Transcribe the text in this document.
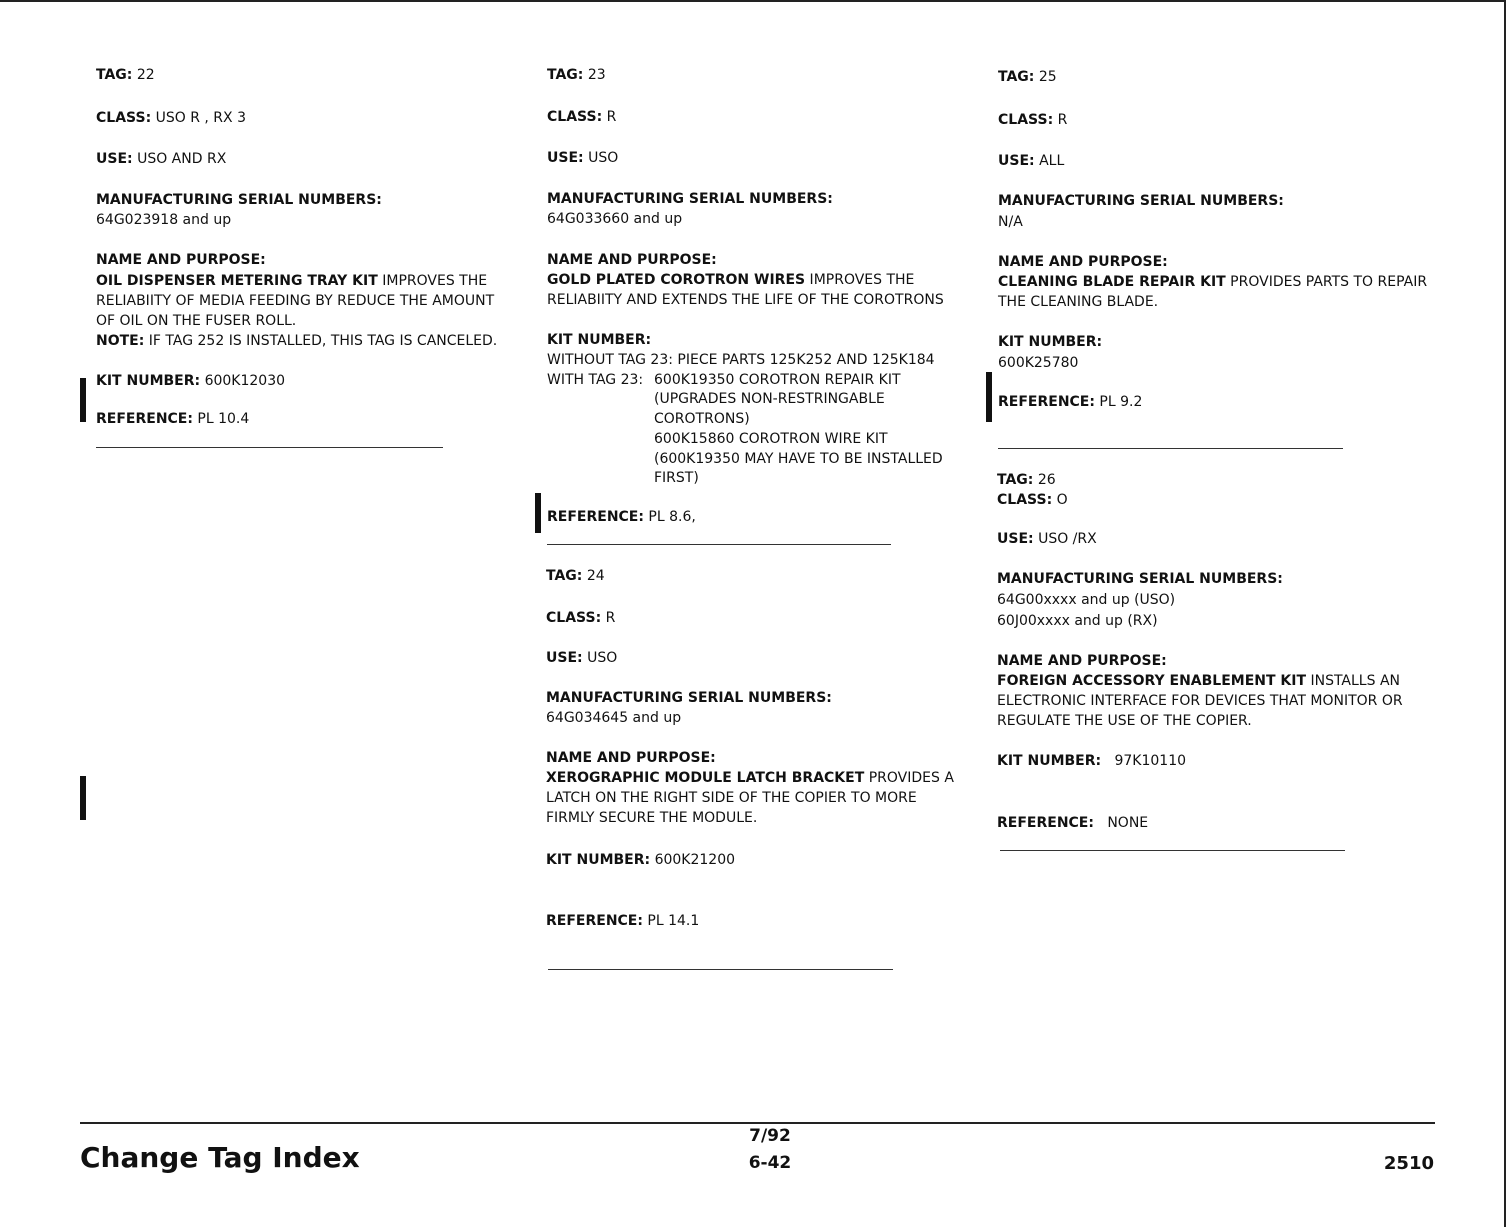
TAG: 22
CLASS: USO R , RX 3
USE: USO AND RX
MANUFACTURING SERIAL NUMBERS:
64G023918 and up
NAME AND PURPOSE:
OIL DISPENSER METERING TRAY KIT IMPROVES THE
RELIABIITY OF MEDIA FEEDING BY REDUCE THE AMOUNT
OF OIL ON THE FUSER ROLL.
NOTE: IF TAG 252 IS INSTALLED, THIS TAG IS CANCELED.
KIT NUMBER: 600K12030
REFERENCE: PL 10.4
TAG: 23
CLASS: R
USE: USO
MANUFACTURING SERIAL NUMBERS:
64G033660 and up
NAME AND PURPOSE:
GOLD PLATED COROTRON WIRES IMPROVES THE
RELIABIITY AND EXTENDS THE LIFE OF THE COROTRONS
KIT NUMBER:
WITHOUT TAG 23: PIECE PARTS 125K252 AND 125K184
WITH TAG 23: 600K19350 COROTRON REPAIR KIT
(UPGRADES NON-RESTRINGABLE
COROTRONS)
600K15860 COROTRON WIRE KIT
(600K19350 MAY HAVE TO BE INSTALLED
FIRST)
REFERENCE: PL 8.6,
TAG: 24
CLASS: R
USE: USO
MANUFACTURING SERIAL NUMBERS:
64G034645 and up
NAME AND PURPOSE:
XEROGRAPHIC MODULE LATCH BRACKET PROVIDES A
LATCH ON THE RIGHT SIDE OF THE COPIER TO MORE
FIRMLY SECURE THE MODULE.
KIT NUMBER: 600K21200
REFERENCE: PL 14.1
TAG: 25
CLASS: R
USE: ALL
MANUFACTURING SERIAL NUMBERS:
N/A
NAME AND PURPOSE:
CLEANING BLADE REPAIR KIT PROVIDES PARTS TO REPAIR
THE CLEANING BLADE.
KIT NUMBER:
600K25780
REFERENCE: PL 9.2
TAG: 26
CLASS: O
USE: USO /RX
MANUFACTURING SERIAL NUMBERS:
64G00xxxx and up (USO)
60J00xxxx and up (RX)
NAME AND PURPOSE:
FOREIGN ACCESSORY ENABLEMENT KIT INSTALLS AN
ELECTRONIC INTERFACE FOR DEVICES THAT MONITOR OR
REGULATE THE USE OF THE COPIER.
KIT NUMBER: 97K10110
REFERENCE: NONE
Change Tag Index
7/92
6-42	2510
